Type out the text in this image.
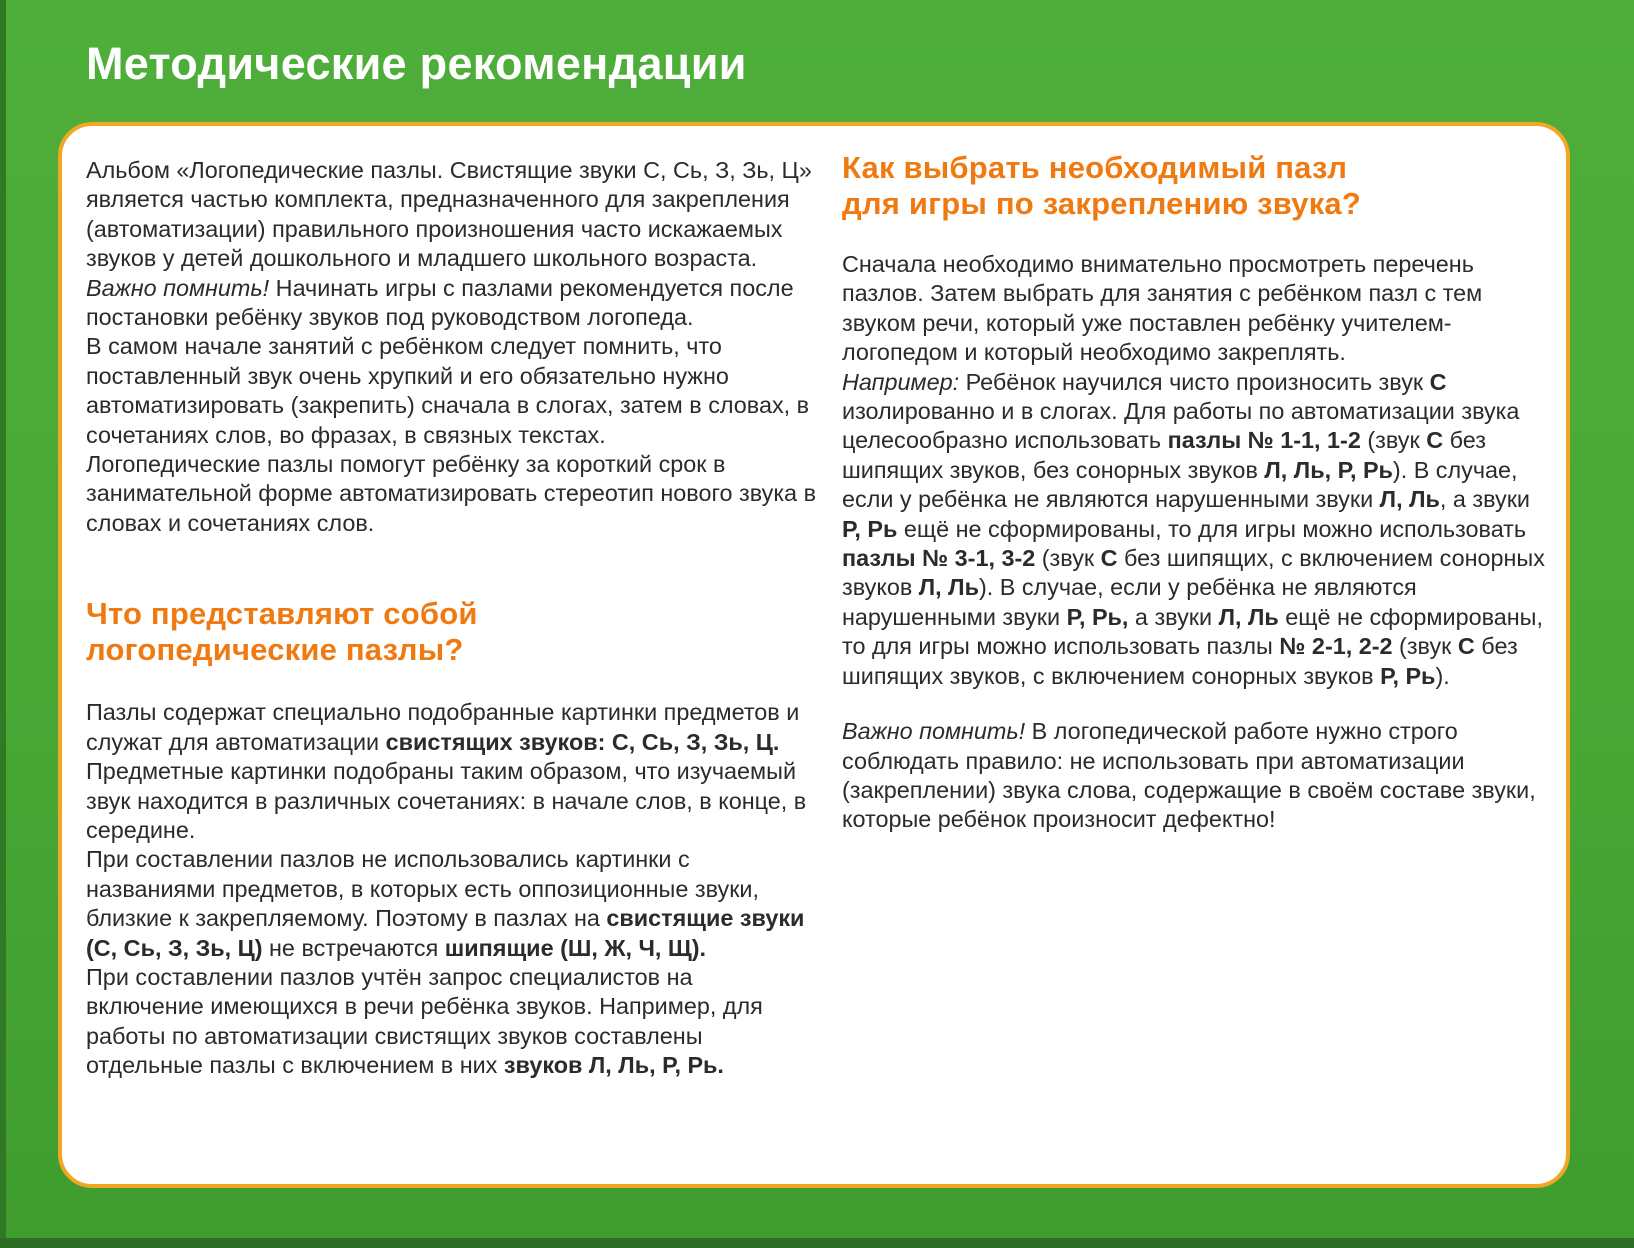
Методические рекомендации

Альбом «Логопедические пазлы. Свистящие звуки С, Сь, З, Зь, Ц» является частью комплекта, предназначенного для закрепления (автоматизации) правильного произношения часто искажаемых звуков у детей дошкольного и младшего школьного возраста.

Важно помнить! Начинать игры с пазлами рекомендуется после постановки ребёнку звуков под руководством логопеда.

В самом начале занятий с ребёнком следует помнить, что поставленный звук очень хрупкий и его обязательно нужно автоматизировать (закрепить) сначала в слогах, затем в словах, в сочетаниях слов, во фразах, в связных текстах.

Логопедические пазлы помогут ребёнку за короткий срок в занимательной форме автоматизировать стереотип нового звука в словах и сочетаниях слов.

Что представляют собой
логопедические пазлы?

Пазлы содержат специально подобранные картинки предметов и служат для автоматизации свистящих звуков: С, Сь, З, Зь, Ц.

Предметные картинки подобраны таким образом, что изучаемый звук находится в различных сочетаниях: в начале слов, в конце, в середине.

При составлении пазлов не использовались картинки с названиями предметов, в которых есть оппозиционные звуки, близкие к закрепляемому. Поэтому в пазлах на свистящие звуки (С, Сь, З, Зь, Ц) не встречаются шипящие (Ш, Ж, Ч, Щ).

При составлении пазлов учтён запрос специалистов на включение имеющихся в речи ребёнка звуков. Например, для работы по автоматизации свистящих звуков составлены отдельные пазлы с включением в них звуков Л, Ль, Р, Рь.

Как выбрать необходимый пазл
для игры по закреплению звука?

Сначала необходимо внимательно просмотреть перечень пазлов. Затем выбрать для занятия с ребёнком пазл с тем звуком речи, который уже поставлен ребёнку учителем-логопедом и который необходимо закреплять.

Например: Ребёнок научился чисто произносить звук С изолированно и в слогах. Для работы по автоматизации звука целесообразно использовать пазлы № 1-1, 1-2 (звук С без шипящих звуков, без сонорных звуков Л, Ль, Р, Рь). В случае, если у ребёнка не являются нарушенными звуки Л, Ль, а звуки Р, Рь ещё не сформированы, то для игры можно использовать пазлы № 3-1, 3-2 (звук С без шипящих, с включением сонорных звуков Л, Ль). В случае, если у ребёнка не являются нарушенными звуки Р, Рь, а звуки Л, Ль ещё не сформированы, то для игры можно использовать пазлы № 2-1, 2-2 (звук С без шипящих звуков, с включением сонорных звуков Р, Рь).

Важно помнить! В логопедической работе нужно строго соблюдать правило: не использовать при автоматизации (закреплении) звука слова, содержащие в своём составе звуки, которые ребёнок произносит дефектно!
